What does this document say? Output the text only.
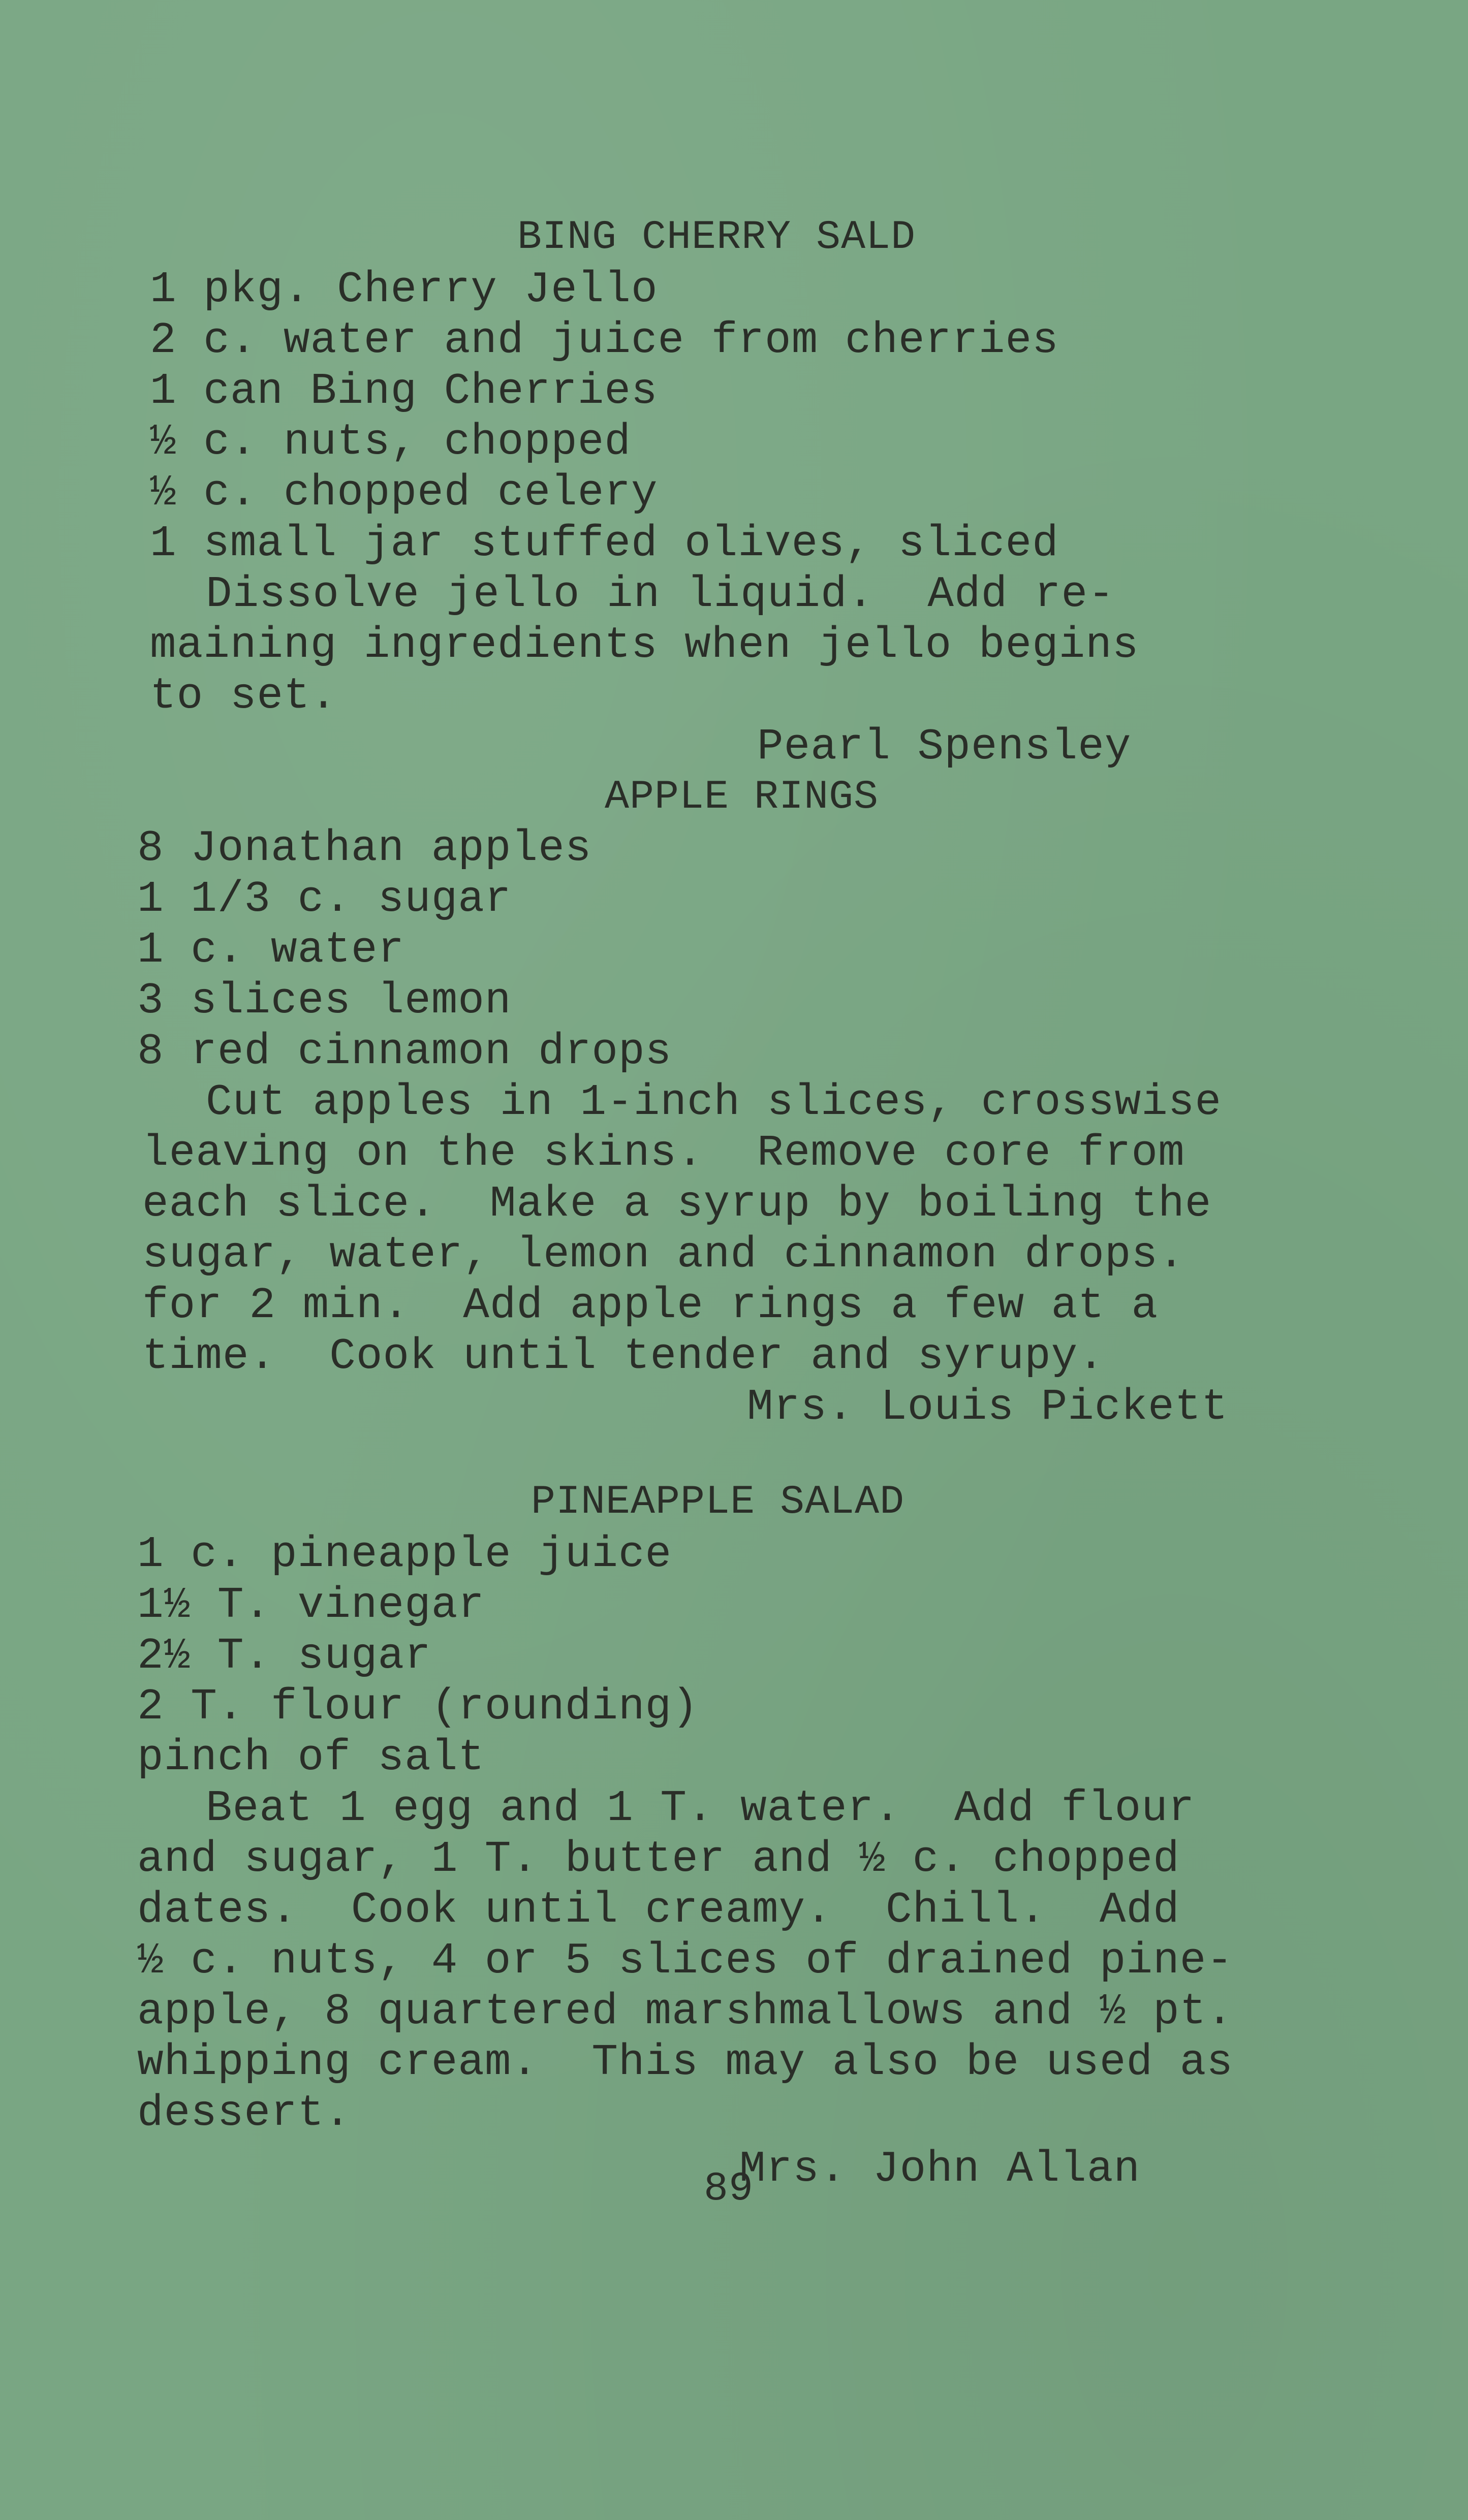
BING CHERRY SALD
1 pkg. Cherry Jello
2 c. water and juice from cherries
1 can Bing Cherries
½ c. nuts, chopped
½ c. chopped celery
1 small jar stuffed olives, sliced
Dissolve jello in liquid.  Add re-
maining ingredients when jello begins
to set.
Pearl Spensley
APPLE RINGS
8 Jonathan apples
1 1/3 c. sugar
1 c. water
3 slices lemon
8 red cinnamon drops
Cut apples in 1-inch slices, crosswise
leaving on the skins.  Remove core from
each slice.  Make a syrup by boiling the
sugar, water, lemon and cinnamon drops.
for 2 min.  Add apple rings a few at a
time.  Cook until tender and syrupy.
Mrs. Louis Pickett
PINEAPPLE SALAD
1 c. pineapple juice
1½ T. vinegar
2½ T. sugar
2 T. flour (rounding)
pinch of salt
Beat 1 egg and 1 T. water.  Add flour
and sugar, 1 T. butter and ½ c. chopped
dates.  Cook until creamy.  Chill.  Add
½ c. nuts, 4 or 5 slices of drained pine-
apple, 8 quartered marshmallows and ½ pt.
whipping cream.  This may also be used as
dessert.
Mrs. John Allan
89
